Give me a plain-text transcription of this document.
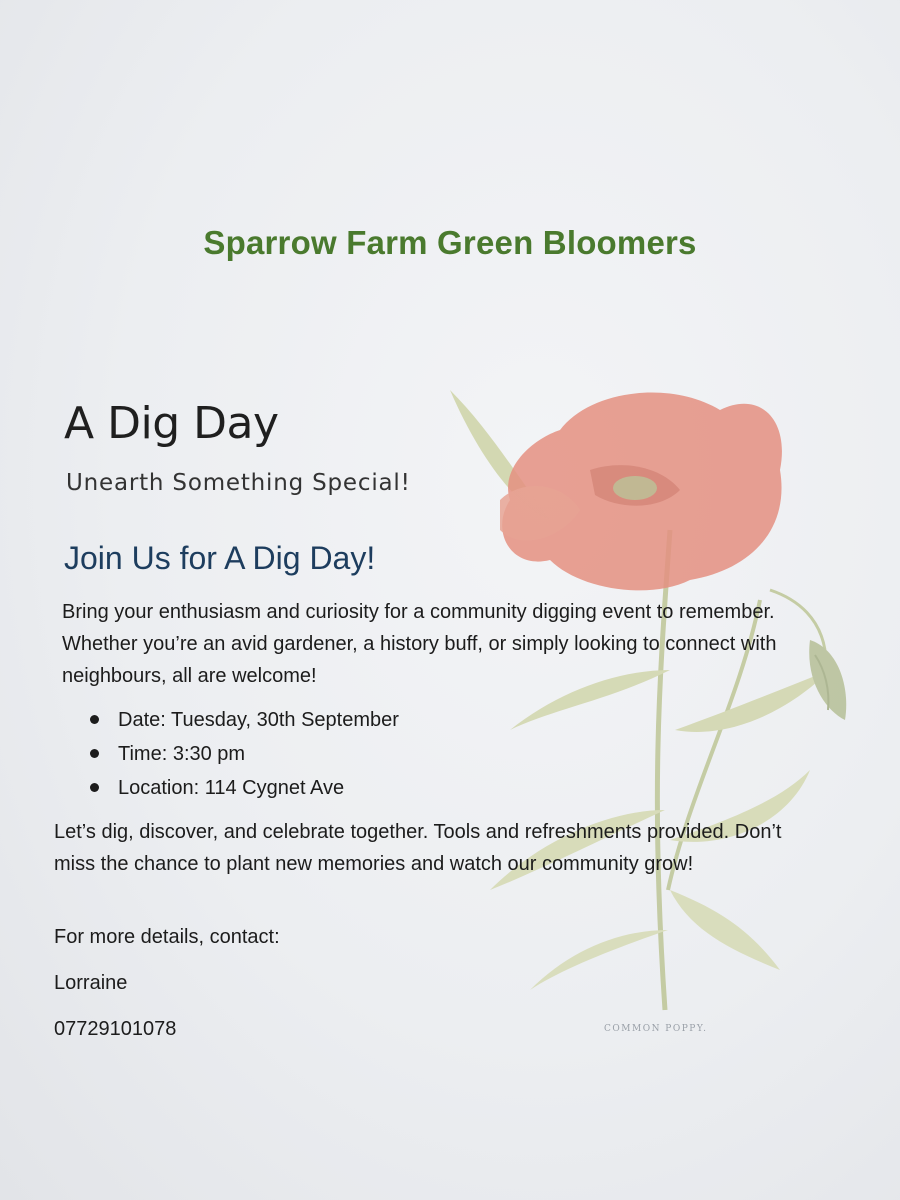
Sparrow Farm Green Bloomers
A Dig Day
Unearth Something Special!
Join Us for A Dig Day!

Bring your enthusiasm and curiosity for a community digging event to remember. Whether you’re an avid gardener, a history buff, or simply looking to connect with neighbours, all are welcome!

Date: Tuesday, 30th September
Time: 3:30 pm
Location: 114 Cygnet Ave

Let’s dig, discover, and celebrate together. Tools and refreshments provided. Don’t miss the chance to plant new memories and watch our community grow!

For more details, contact:
Lorraine
07729101078	COMMON POPPY.
